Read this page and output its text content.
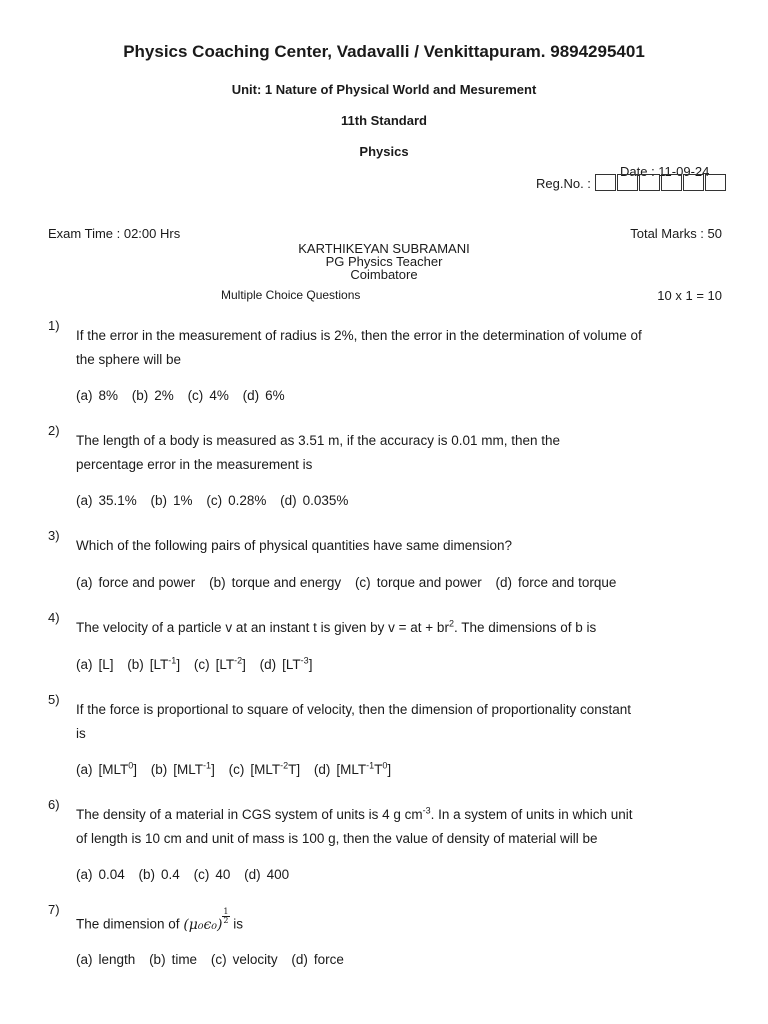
Physics Coaching Center, Vadavalli / Venkittapuram. 9894295401
Unit: 1 Nature of Physical World and Mesurement
11th Standard
Physics
Date : 11-09-24
Reg.No. :
Exam Time : 02:00 Hrs	Total Marks : 50
KARTHIKEYAN SUBRAMANI
PG Physics Teacher
Coimbatore
Multiple Choice Questions	10 x 1 = 10
1)
If the error in the measurement of radius is 2%, then the error in the determination of volume of
the sphere will be
(a) 8% (b) 2% (c) 4% (d) 6%
2)
The length of a body is measured as 3.51 m, if the accuracy is 0.01 mm, then the
percentage error in the measurement is
(a) 35.1% (b) 1% (c) 0.28% (d) 0.035%
3)
Which of the following pairs of physical quantities have same dimension?
(a) force and power (b) torque and energy (c) torque and power (d) force and torque
4)
The velocity of a particle v at an instant t is given by v = at + $br^2$. The dimensions of b is
(a) [L] (b) $[LT^{-1}]$ (c) $[LT^{-2}]$ (d) $[LT^{-3}]$
5)
If the force is proportional to square of velocity, then the dimension of proportionality constant
is
(a) [MLT$^0$] (b) $[MLT^{-1}]$ (c) $[MLT^{-2}T]$ (d) $[MLT^{-1}T^0]$
6)
The density of a material in CGS system of units is 4 g $cm^{-3}$. In a system of units in which unit
of length is 10 cm and unit of mass is 100 g, then the value of density of material will be
(a) 0.04 (b) 0.4 (c) 40 (d) 400
7)
The dimension of $(\mu_0\epsilon_0) \frac{1}{2}$ is
(a) length (b) time (c) velocity (d) force
